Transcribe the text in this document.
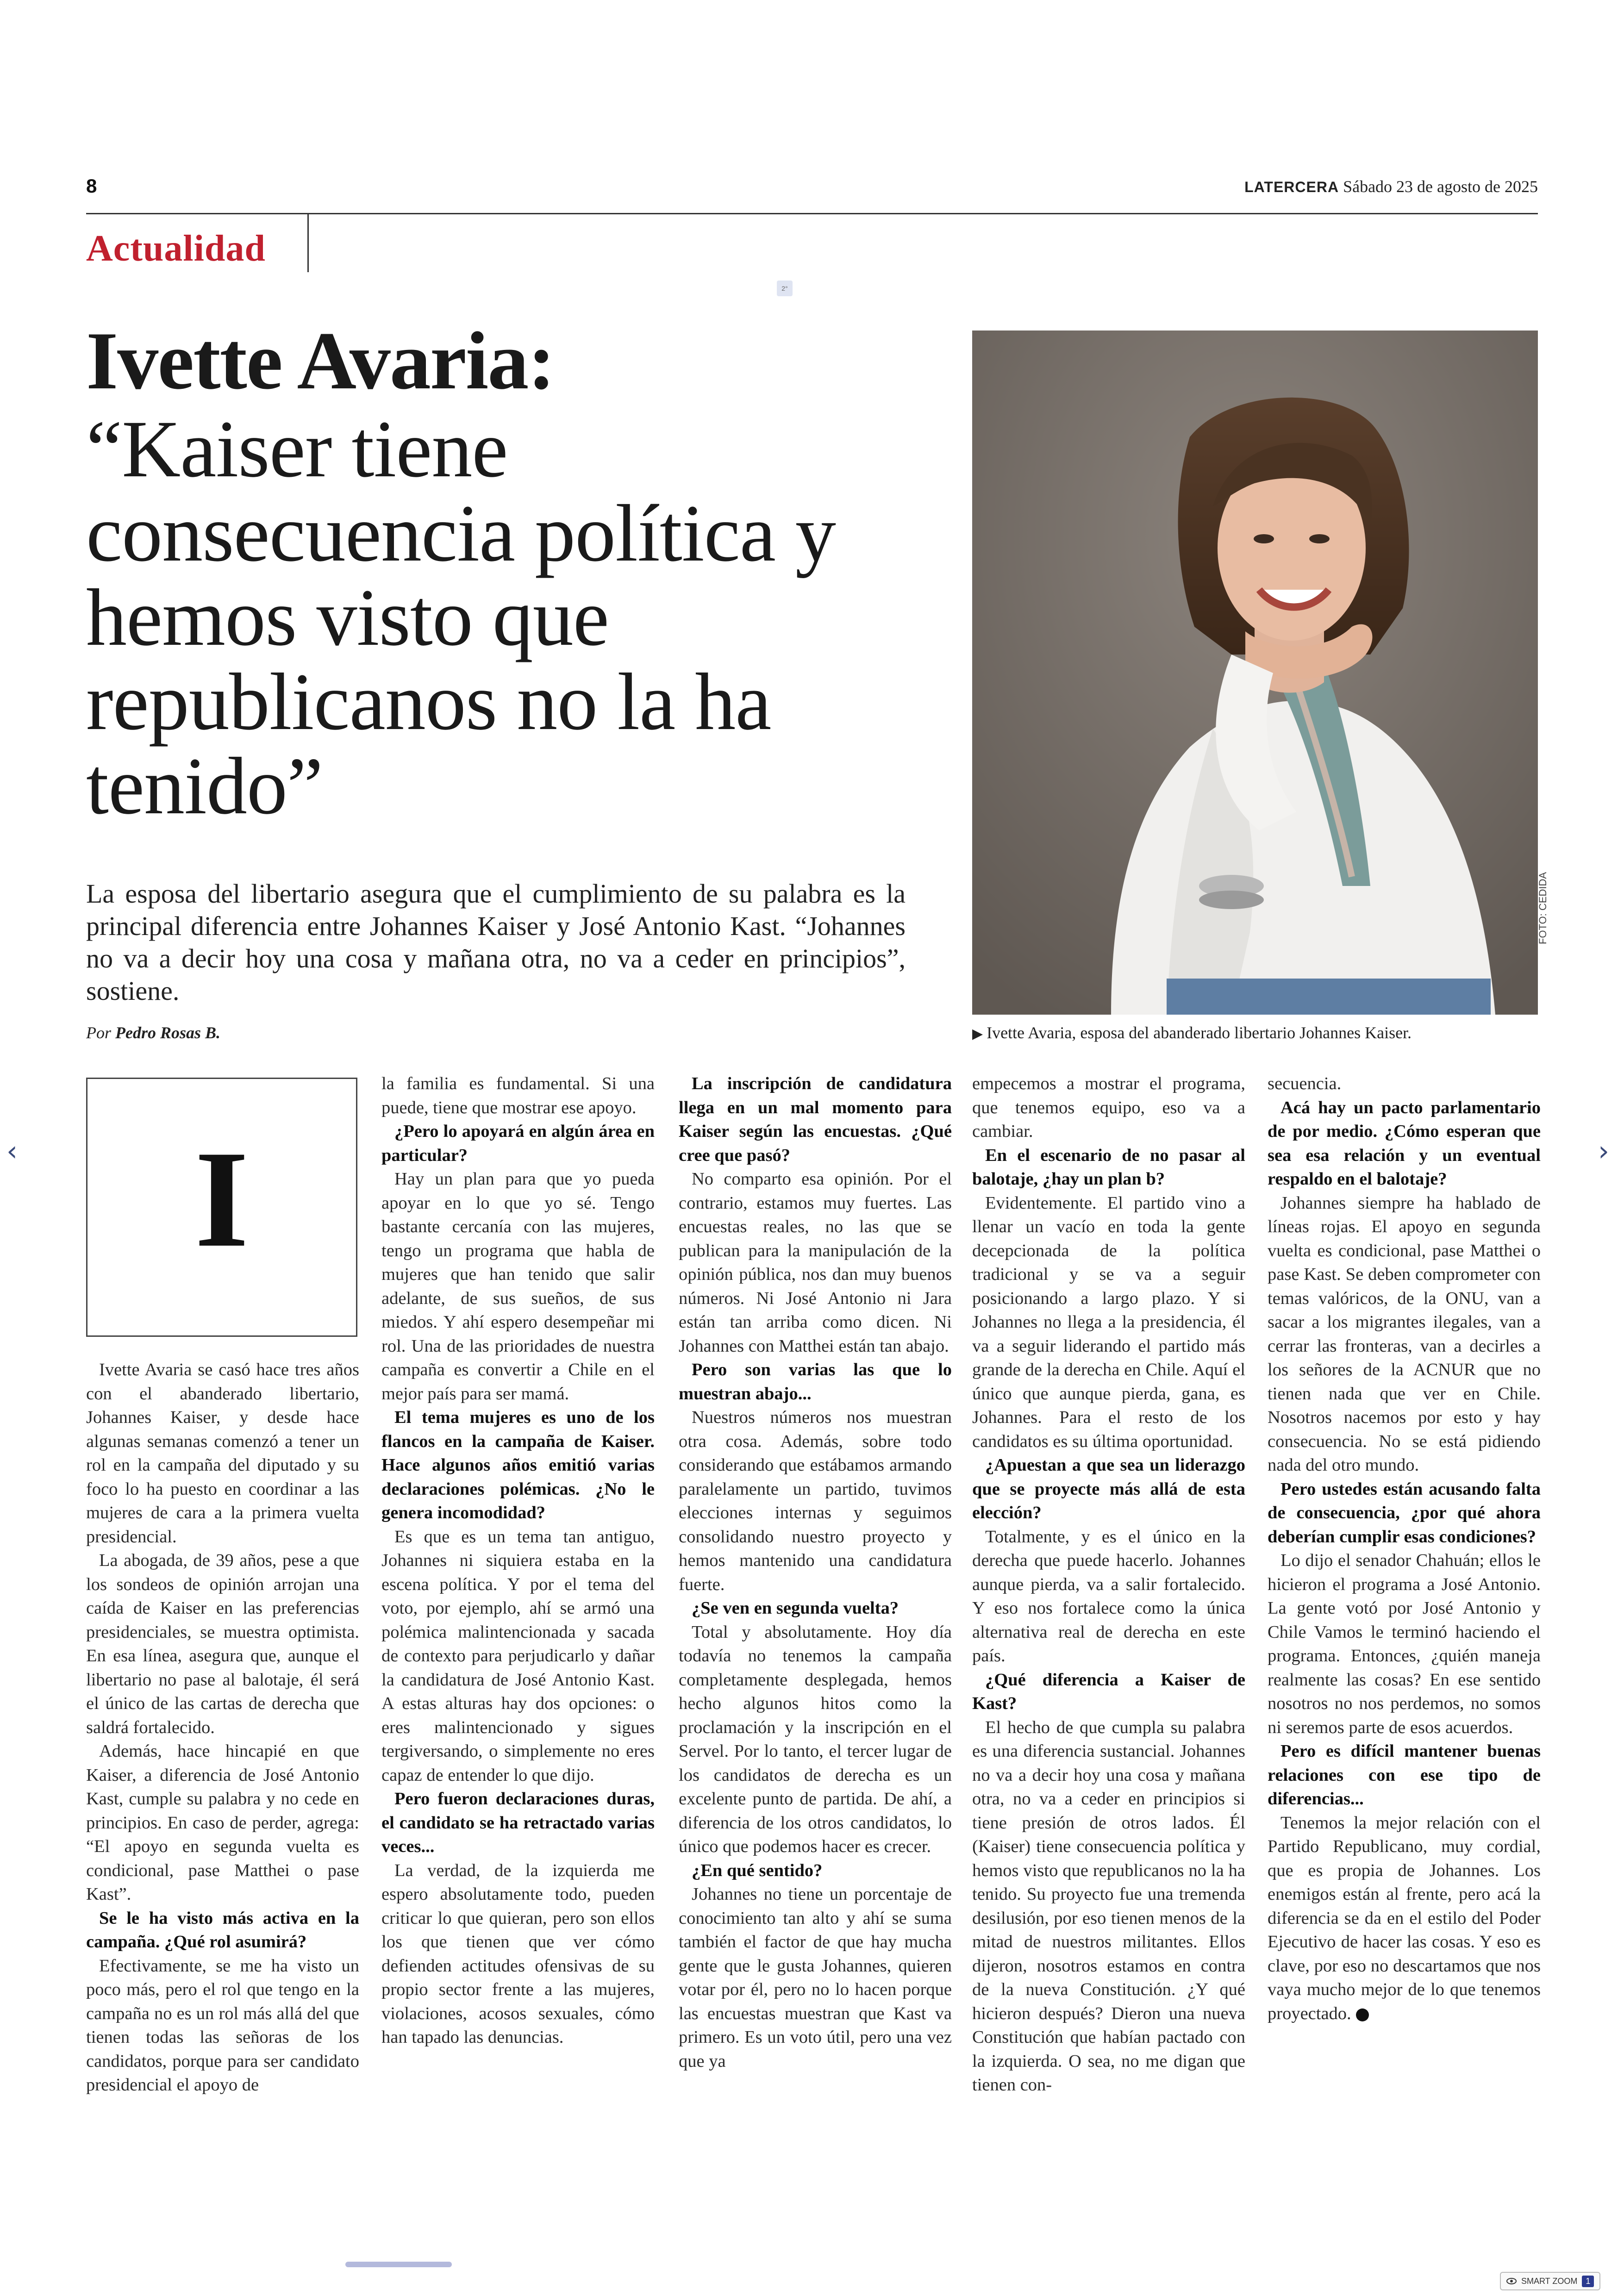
8	LATERCERA Sábado 23 de agosto de 2025
Actualidad
2°
Ivette Avaria:
“Kaiser tiene consecuencia política y hemos visto que republicanos no la ha tenido”
La esposa del libertario asegura que el cumplimiento de su palabra es la principal diferencia entre Johannes Kaiser y José Antonio Kast. “Johannes no va a decir hoy una cosa y mañana otra, no va a ceder en principios”, sostiene.
Por Pedro Rosas B.
FOTO: CEDIDA
▶ Ivette Avaria, esposa del abanderado libertario Johannes Kaiser.
I

Ivette Avaria se casó hace tres años con el abanderado libertario, Johannes Kaiser, y desde hace algunas semanas comenzó a tener un rol en la campaña del diputado y su foco lo ha puesto en coordinar a las mujeres de cara a la primera vuelta presidencial.

La abogada, de 39 años, pese a que los sondeos de opinión arrojan una caída de Kaiser en las preferencias presidenciales, se muestra optimista. En esa línea, asegura que, aunque el libertario no pase al balotaje, él será el único de las cartas de derecha que saldrá fortalecido.

Además, hace hincapié en que Kaiser, a diferencia de José Antonio Kast, cumple su palabra y no cede en principios. En caso de perder, agrega: “El apoyo en segunda vuelta es condicional, pase Matthei o pase Kast”.

Se le ha visto más activa en la campaña. ¿Qué rol asumirá?

Efectivamente, se me ha visto un poco más, pero el rol que tengo en la campaña no es un rol más allá del que tienen todas las señoras de los candidatos, porque para ser candidato presidencial el apoyo de

la familia es fundamental. Si una puede, tiene que mostrar ese apoyo.

¿Pero lo apoyará en algún área en particular?

Hay un plan para que yo pueda apoyar en lo que yo sé. Tengo bastante cercanía con las mujeres, tengo un programa que habla de mujeres que han tenido que salir adelante, de sus sueños, de sus miedos. Y ahí espero desempeñar mi rol. Una de las prioridades de nuestra campaña es convertir a Chile en el mejor país para ser mamá.

El tema mujeres es uno de los flancos en la campaña de Kaiser. Hace algunos años emitió varias declaraciones polémicas. ¿No le genera incomodidad?

Es que es un tema tan antiguo, Johannes ni siquiera estaba en la escena política. Y por el tema del voto, por ejemplo, ahí se armó una polémica malintencionada y sacada de contexto para perjudicarlo y dañar la candidatura de José Antonio Kast. A estas alturas hay dos opciones: o eres malintencionado y sigues tergiversando, o simplemente no eres capaz de entender lo que dijo.

Pero fueron declaraciones duras, el candidato se ha retractado varias veces...

La verdad, de la izquierda me espero absolutamente todo, pueden criticar lo que quieran, pero son ellos los que tienen que ver cómo defienden actitudes ofensivas de su propio sector frente a las mujeres, violaciones, acosos sexuales, cómo han tapado las denuncias.

La inscripción de candidatura llega en un mal momento para Kaiser según las encuestas. ¿Qué cree que pasó?

No comparto esa opinión. Por el contrario, estamos muy fuertes. Las encuestas reales, no las que se publican para la manipulación de la opinión pública, nos dan muy buenos números. Ni José Antonio ni Jara están tan arriba como dicen. Ni Johannes con Matthei están tan abajo.

Pero son varias las que lo muestran abajo...

Nuestros números nos muestran otra cosa. Además, sobre todo considerando que estábamos armando paralelamente un partido, tuvimos elecciones internas y seguimos consolidando nuestro proyecto y hemos mantenido una candidatura fuerte.

¿Se ven en segunda vuelta?

Total y absolutamente. Hoy día todavía no tenemos la campaña completamente desplegada, hemos hecho algunos hitos como la proclamación y la inscripción en el Servel. Por lo tanto, el tercer lugar de los candidatos de derecha es un excelente punto de partida. De ahí, a diferencia de los otros candidatos, lo único que podemos hacer es crecer.

¿En qué sentido?

Johannes no tiene un porcentaje de conocimiento tan alto y ahí se suma también el factor de que hay mucha gente que le gusta Johannes, quieren votar por él, pero no lo hacen porque las encuestas muestran que Kast va primero. Es un voto útil, pero una vez que ya

empecemos a mostrar el programa, que tenemos equipo, eso va a cambiar.

En el escenario de no pasar al balotaje, ¿hay un plan b?

Evidentemente. El partido vino a llenar un vacío en toda la gente decepcionada de la política tradicional y se va a seguir posicionando a largo plazo. Y si Johannes no llega a la presidencia, él va a seguir liderando el partido más grande de la derecha en Chile. Aquí el único que aunque pierda, gana, es Johannes. Para el resto de los candidatos es su última oportunidad.

¿Apuestan a que sea un liderazgo que se proyecte más allá de esta elección?

Totalmente, y es el único en la derecha que puede hacerlo. Johannes aunque pierda, va a salir fortalecido. Y eso nos fortalece como la única alternativa real de derecha en este país.

¿Qué diferencia a Kaiser de Kast?

El hecho de que cumpla su palabra es una diferencia sustancial. Johannes no va a decir hoy una cosa y mañana otra, no va a ceder en principios si tiene presión de otros lados. Él (Kaiser) tiene consecuencia política y hemos visto que republicanos no la ha tenido. Su proyecto fue una tremenda desilusión, por eso tienen menos de la mitad de nuestros militantes. Ellos dijeron, nosotros estamos en contra de la nueva Constitución. ¿Y qué hicieron después? Dieron una nueva Constitución que habían pactado con la izquierda. O sea, no me digan que tienen con-

secuencia.

Acá hay un pacto parlamentario de por medio. ¿Cómo esperan que sea esa relación y un eventual respaldo en el balotaje?

Johannes siempre ha hablado de líneas rojas. El apoyo en segunda vuelta es condicional, pase Matthei o pase Kast. Se deben comprometer con temas valóricos, de la ONU, van a sacar a los migrantes ilegales, van a cerrar las fronteras, van a decirles a los señores de la ACNUR que no tienen nada que ver en Chile. Nosotros nacemos por esto y hay consecuencia. No se está pidiendo nada del otro mundo.

Pero ustedes están acusando falta de consecuencia, ¿por qué ahora deberían cumplir esas condiciones?

Lo dijo el senador Chahuán; ellos le hicieron el programa a José Antonio. La gente votó por José Antonio y Chile Vamos le terminó haciendo el programa. Entonces, ¿quién maneja realmente las cosas? En ese sentido nosotros no nos perdemos, no somos ni seremos parte de esos acuerdos.

Pero es difícil mantener buenas relaciones con ese tipo de diferencias...

Tenemos la mejor relación con el Partido Republicano, muy cordial, que es propia de Johannes. Los enemigos están al frente, pero acá la diferencia se da en el estilo del Poder Ejecutivo de hacer las cosas. Y eso es clave, por eso no descartamos que nos vaya mucho mejor de lo que tenemos proyectado.

‹	›
SMART ZOOM	1
